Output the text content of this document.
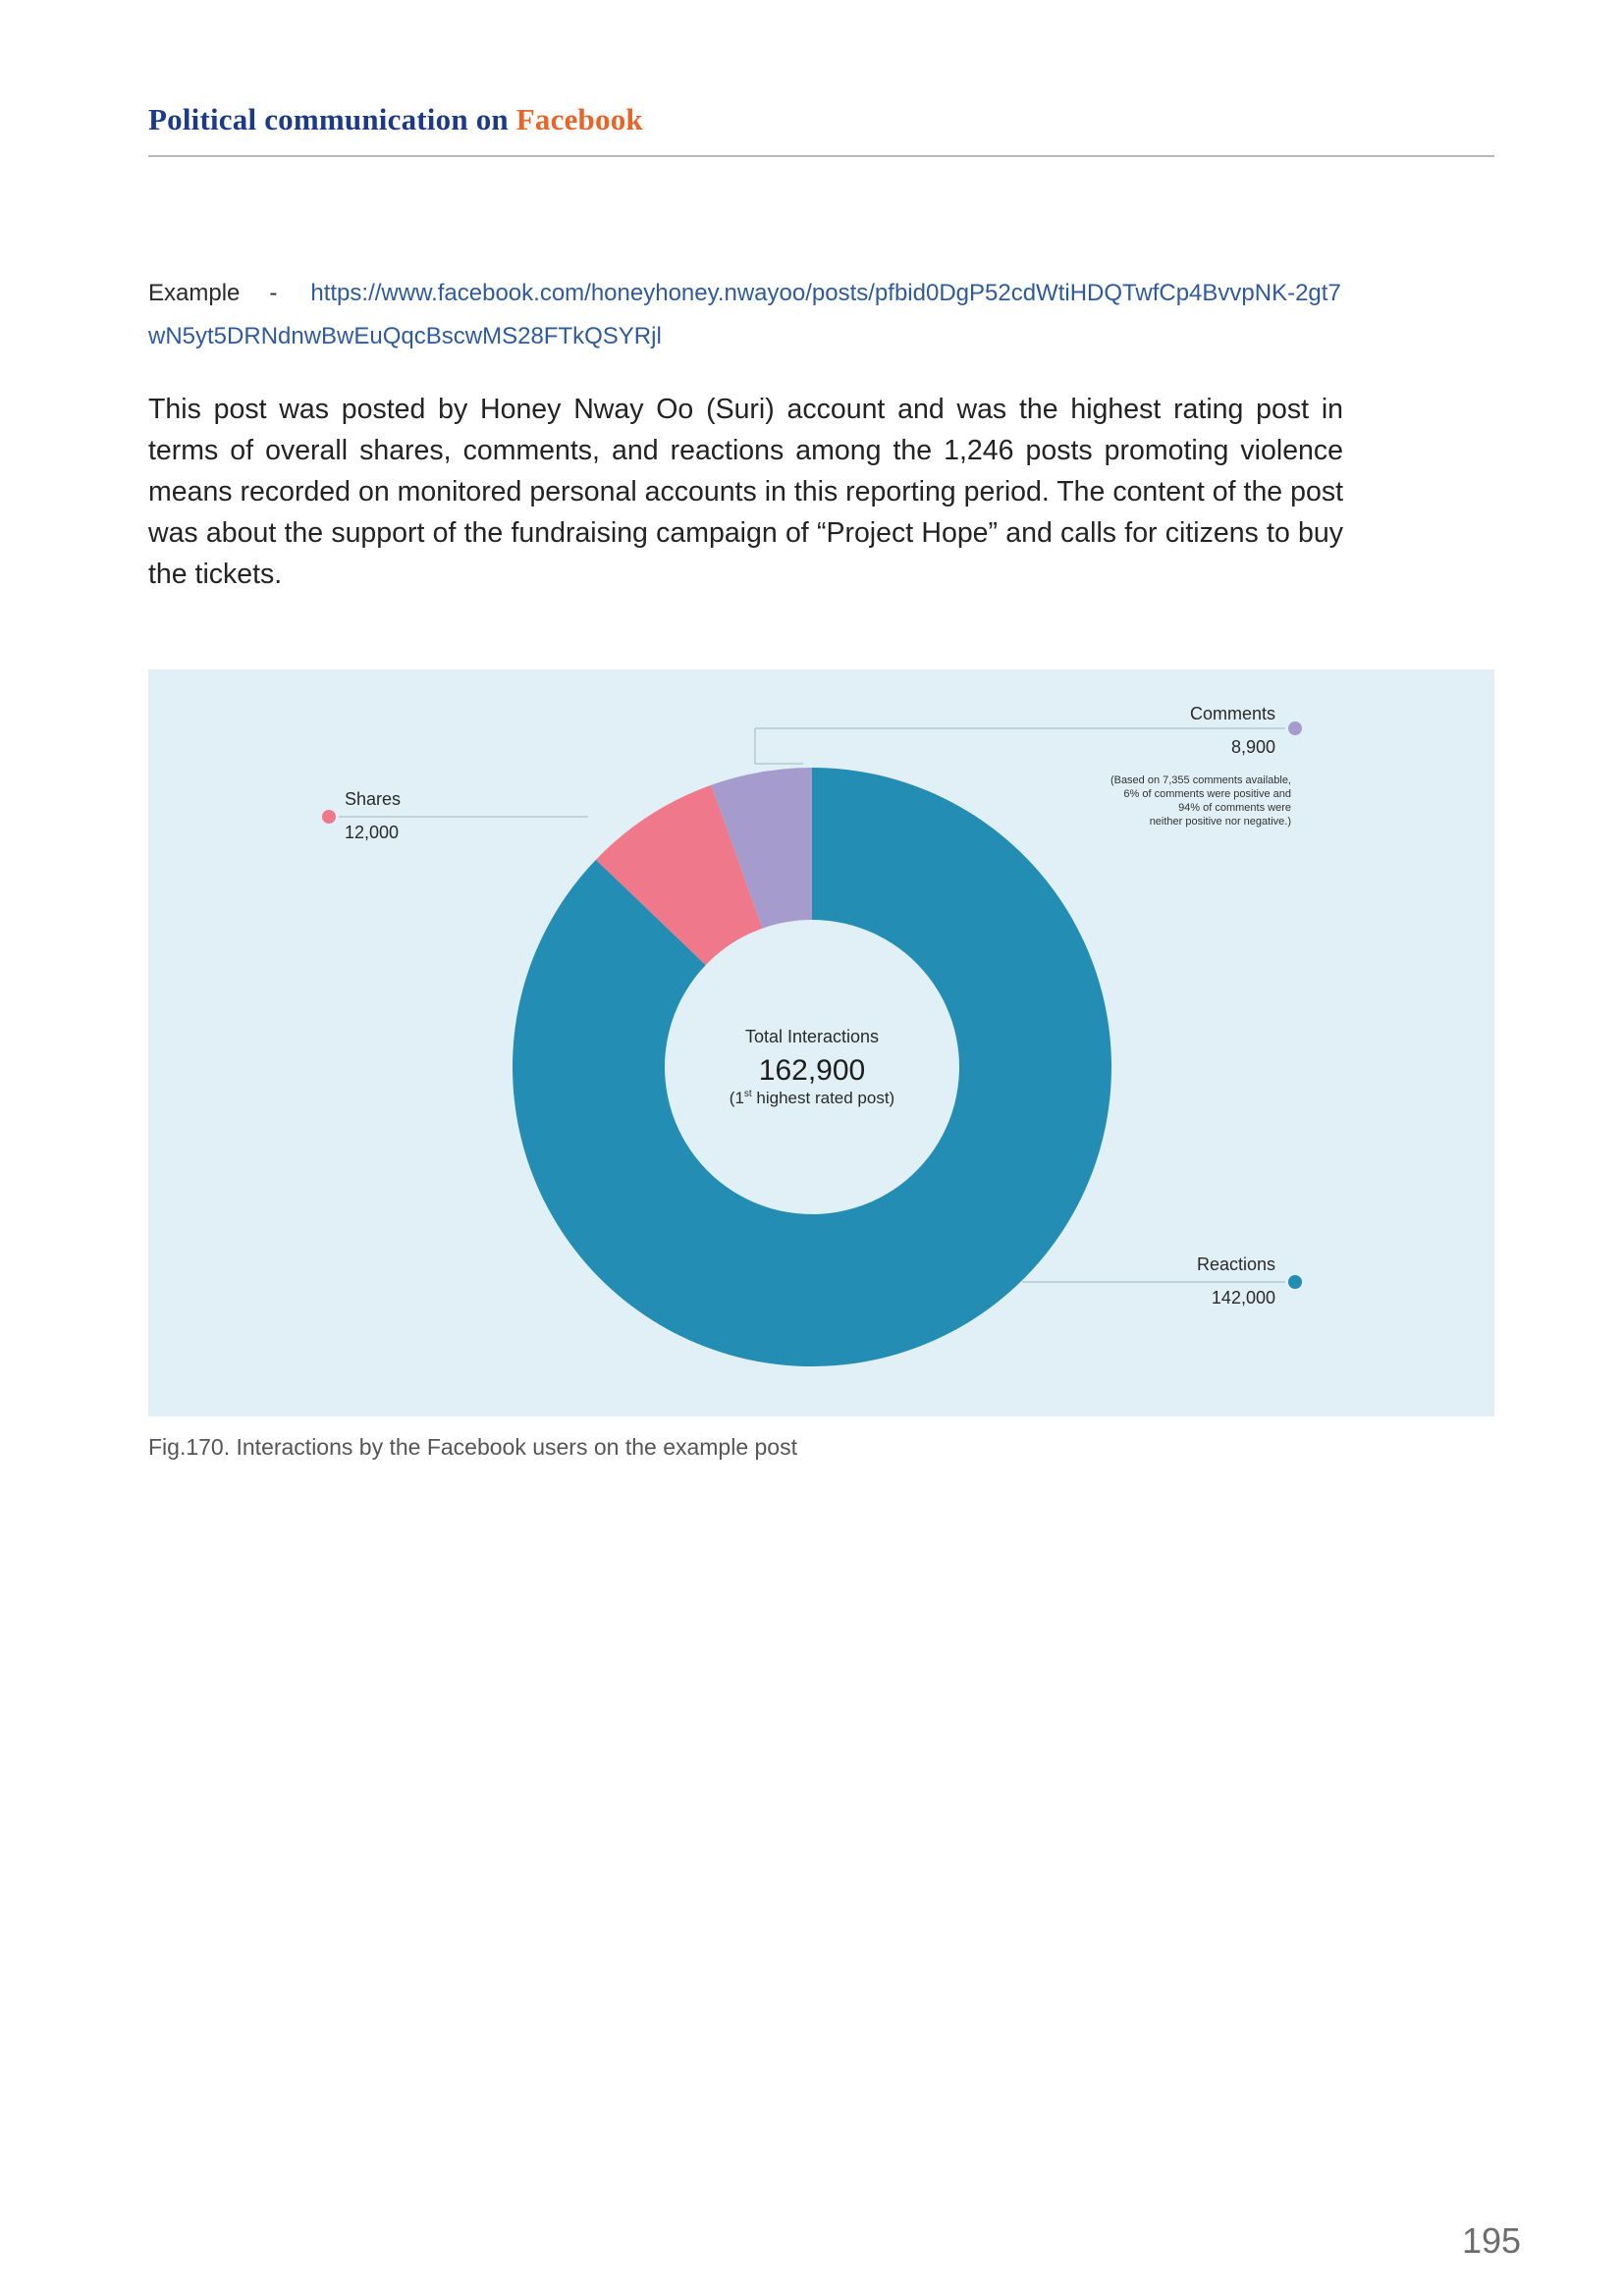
Political communication on Facebook
Example - https://www.facebook.com/honeyhoney.nwayoo/posts/pfbid0DgP52cdWtiHDQTwfCp4BvvpNK-2gt7wN5yt5DRNdnwBwEuQqcBscwMS28FTkQSYRjl
This post was posted by Honey Nway Oo (Suri) account and was the highest rating post in terms of overall shares, comments, and reactions among the 1,246 posts promoting violence means recorded on monitored personal accounts in this reporting period. The content of the post was about the support of the fundraising campaign of “Project Hope” and calls for citizens to buy the tickets.
Reactions
142,000
Shares
12,000
Comments
8,900
Total Interactions
162,900
(1st highest rated post)
(Based on 7,355 comments available,
6% of comments were positive and
94% of comments were
neither positive nor negative.)
Fig.170. Interactions by the Facebook users on the example post
195
